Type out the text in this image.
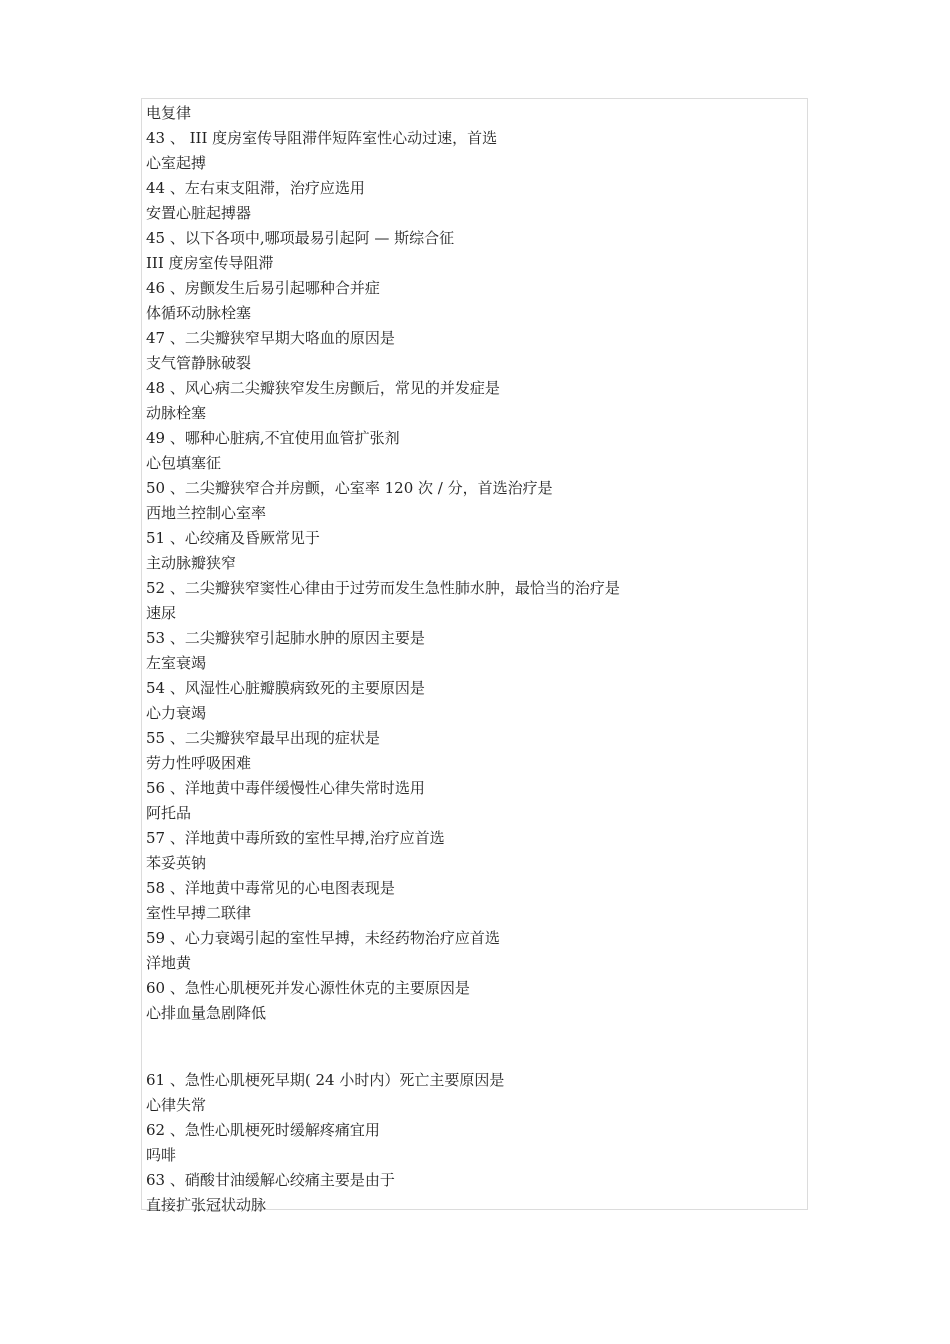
电复律
43 、 III 度房室传导阻滞伴短阵室性心动过速，首选
心室起搏
44 、左右束支阻滞，治疗应选用
安置心脏起搏器
45 、以下各项中,哪项最易引起阿 — 斯综合征
III 度房室传导阻滞
46 、房颤发生后易引起哪种合并症
体循环动脉栓塞
47 、二尖瓣狭窄早期大咯血的原因是
支气管静脉破裂
48 、风心病二尖瓣狭窄发生房颤后，常见的并发症是
动脉栓塞
49 、哪种心脏病,不宜使用血管扩张剂
心包填塞征
50 、二尖瓣狭窄合并房颤，心室率 120 次 / 分，首选治疗是
西地兰控制心室率
51 、心绞痛及昏厥常见于
主动脉瓣狭窄
52 、二尖瓣狭窄窦性心律由于过劳而发生急性肺水肿，最恰当的治疗是
速尿
53 、二尖瓣狭窄引起肺水肿的原因主要是
左室衰竭
54 、风湿性心脏瓣膜病致死的主要原因是
心力衰竭
55 、二尖瓣狭窄最早出现的症状是
劳力性呼吸困难
56 、洋地黄中毒伴缓慢性心律失常时选用
阿托品
57 、洋地黄中毒所致的室性早搏,治疗应首选
苯妥英钠
58 、洋地黄中毒常见的心电图表现是
室性早搏二联律
59 、心力衰竭引起的室性早搏，未经药物治疗应首选
洋地黄
60 、急性心肌梗死并发心源性休克的主要原因是
心排血量急剧降低
61 、急性心肌梗死早期( 24 小时内）死亡主要原因是
心律失常
62 、急性心肌梗死时缓解疼痛宜用
吗啡
63 、硝酸甘油缓解心绞痛主要是由于
直接扩张冠状动脉
